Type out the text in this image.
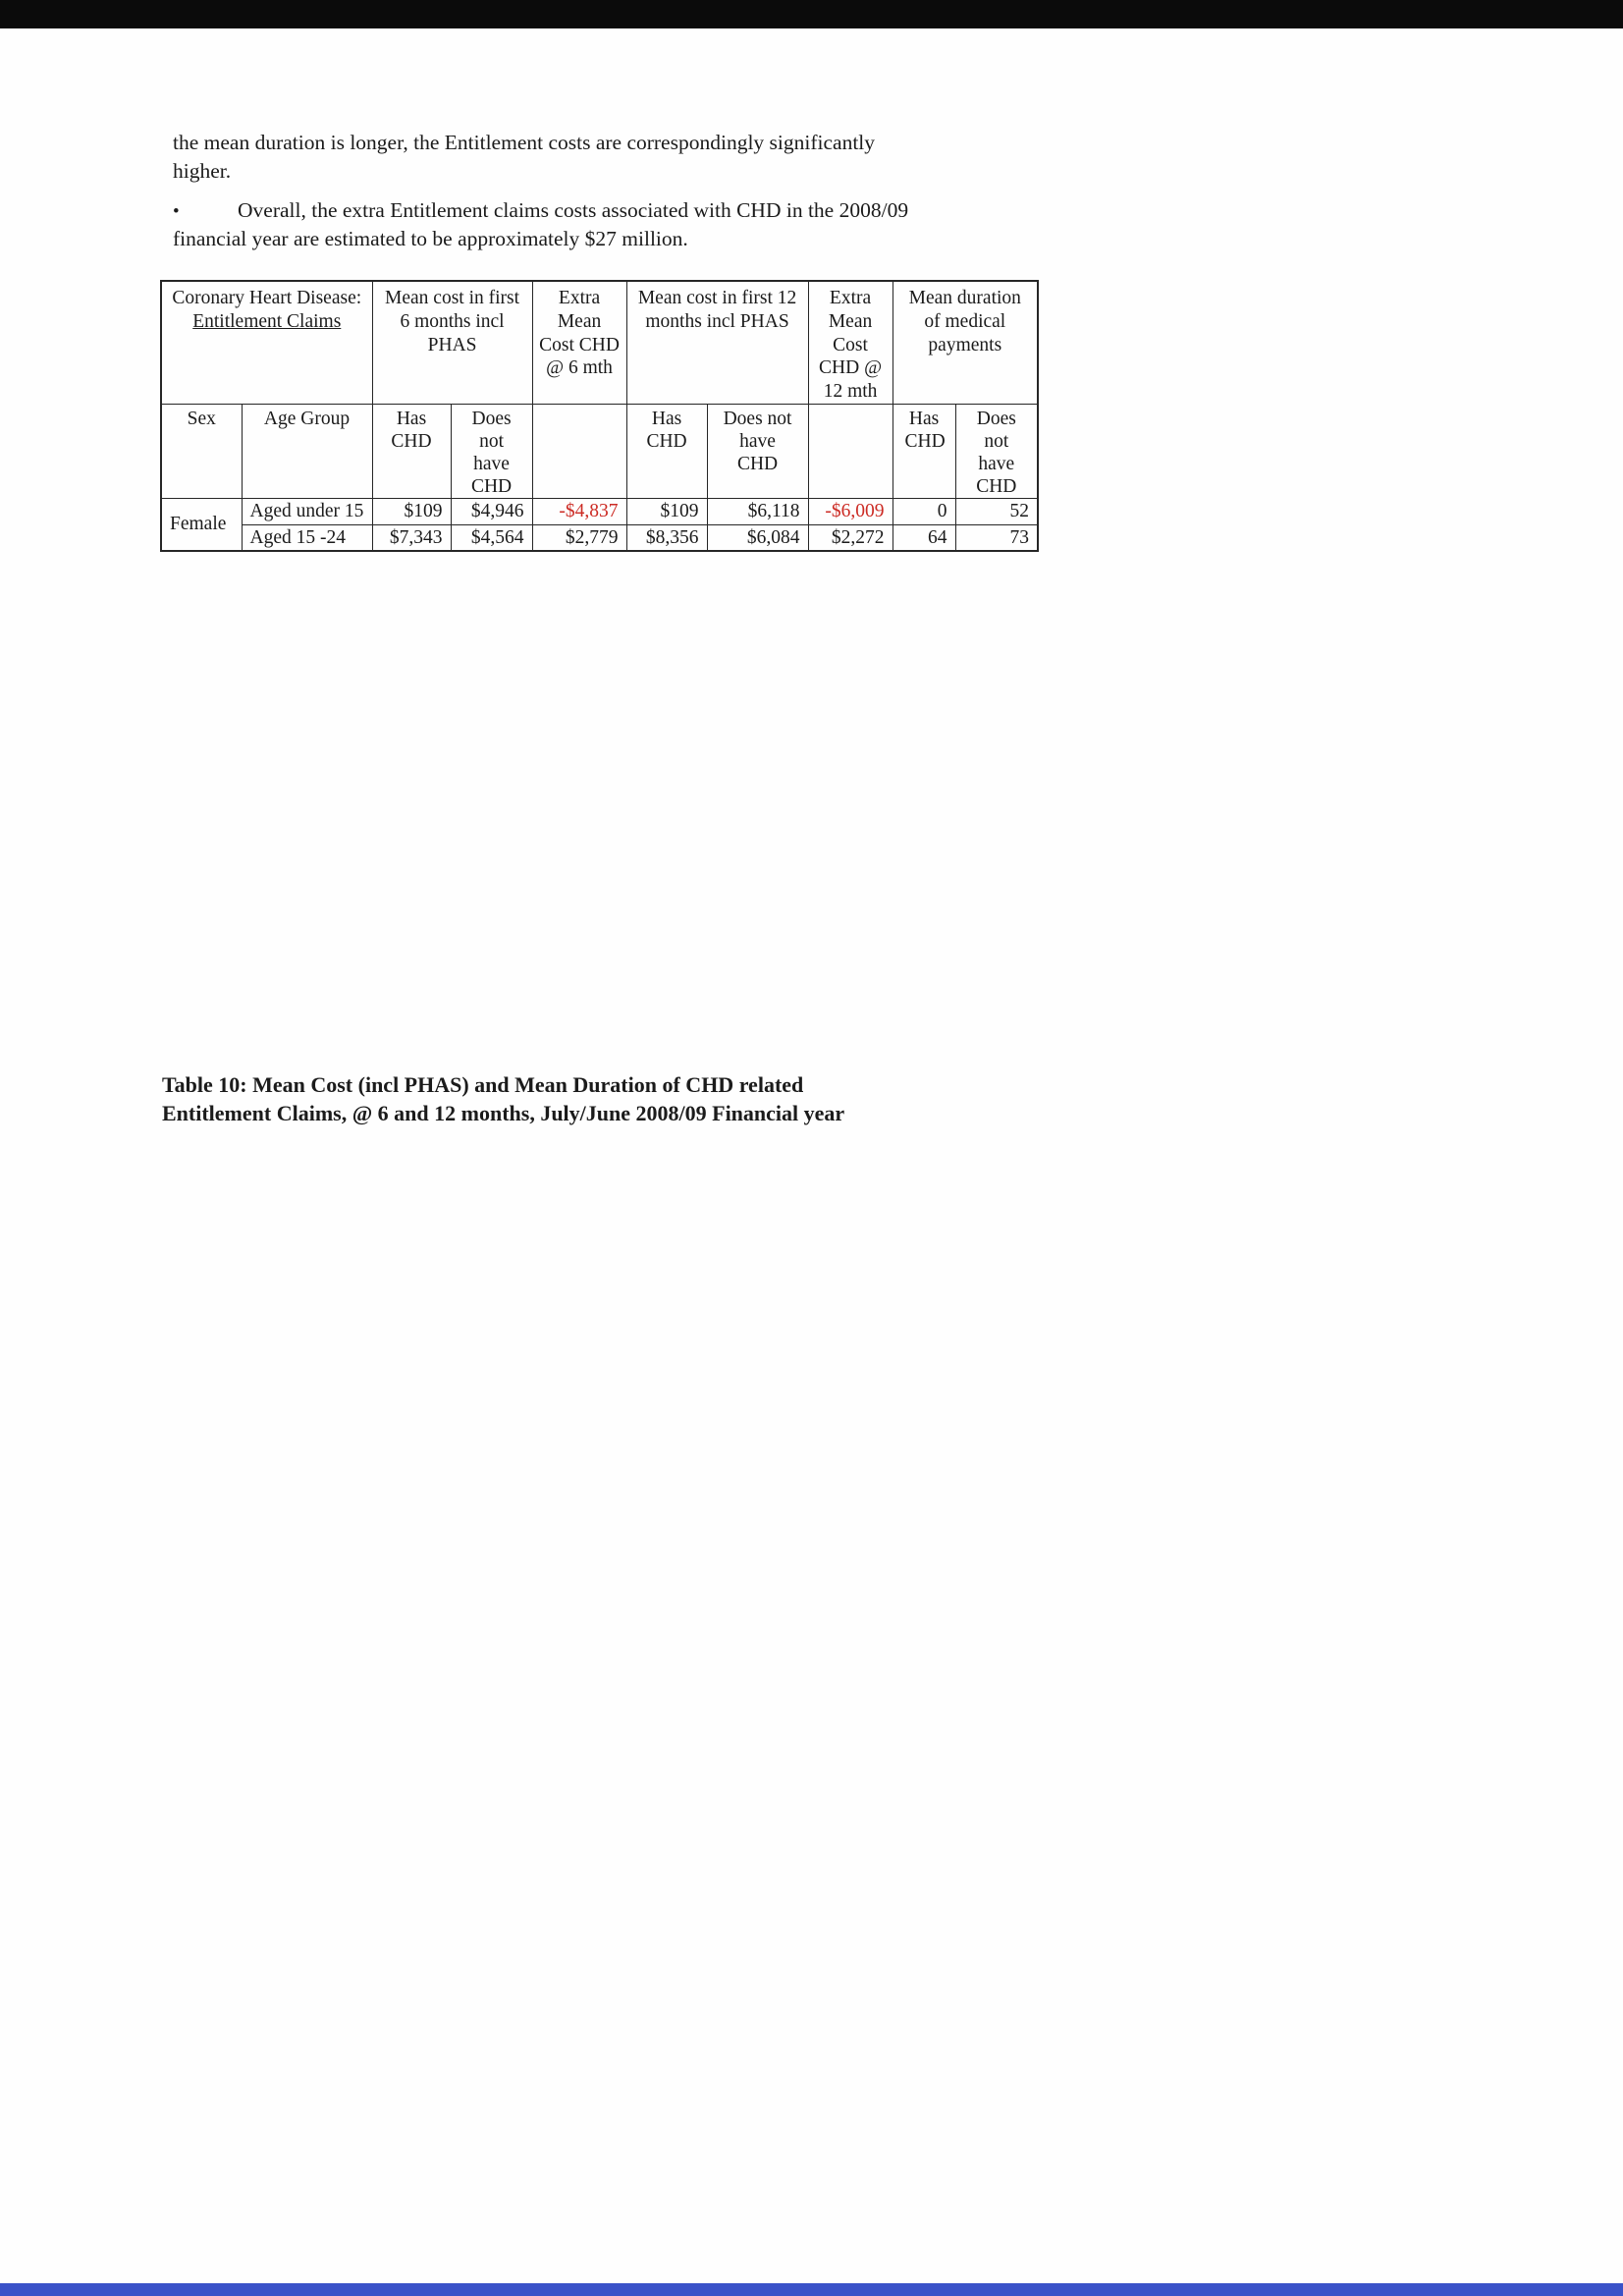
the mean duration is longer, the Entitlement costs are correspondingly significantly higher.

•	Overall, the extra Entitlement claims costs associated with CHD in the 2008/09 financial year are estimated to be approximately $27 million.

Coronary Heart Disease:
Entitlement Claims		Mean cost in first 6 months incl PHAS		Extra Mean Cost CHD @ 6 mth	Mean cost in first 12 months incl PHAS		Extra Mean Cost CHD @ 12 mth	Mean duration of medical payments	
Sex	Age Group	Has CHD	Does not have CHD		Has CHD	Does not have CHD		Has CHD	Does not have CHD
Female	Aged under 15	$109	$4,946	-$4,837	$109	$6,118	-$6,009	0	52
	Aged 15 -24	$7,343	$4,564	$2,779	$8,356	$6,084	$2,272	64	73

Table 10: Mean Cost (incl PHAS) and Mean Duration of CHD related Entitlement Claims, @ 6 and 12 months, July/June 2008/09 Financial year
